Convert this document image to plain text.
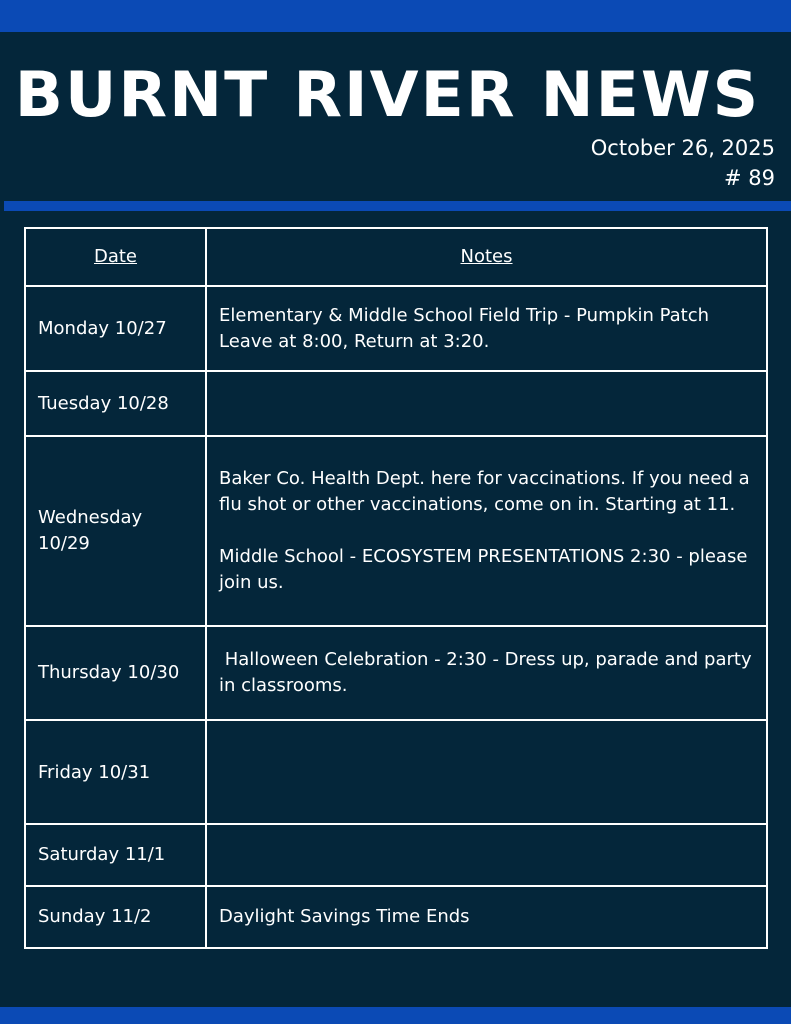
BURNT RIVER NEWS
October 26, 2025
# 89
Date	Notes
Monday 10/27	Elementary & Middle School Field Trip - Pumpkin Patch Leave at 8:00, Return at 3:20.

Tuesday 10/28	
Wednesday 10/29	Baker Co. Health Dept. here for vaccinations. If you need a flu shot or other vaccinations, come on in. Starting at 11.

Middle School - ECOSYSTEM PRESENTATIONS 2:30 - please join us.

Thursday 10/30	Halloween Celebration - 2:30 - Dress up, parade and party in classrooms.

Friday 10/31	
Saturday 11/1	
Sunday 11/2	Daylight Savings Time Ends
